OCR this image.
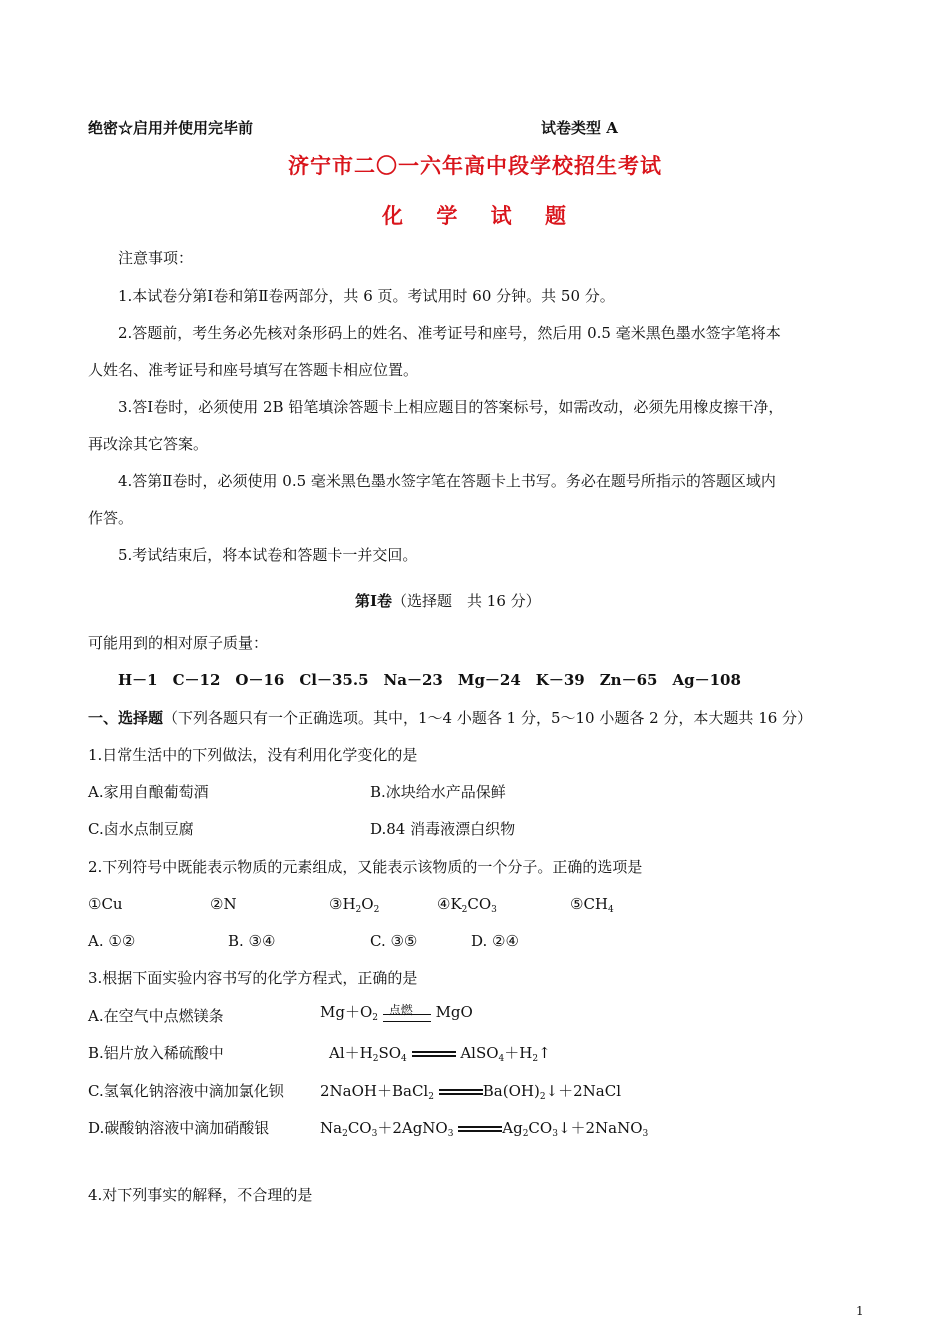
绝密☆启用并使用完毕前	试卷类型 A
济宁市二〇一六年高中段学校招生考试
化 学 试 题
注意事项：
1.本试卷分第Ⅰ卷和第Ⅱ卷两部分，共 6 页。考试用时 60 分钟。共 50 分。
2.答题前，考生务必先核对条形码上的姓名、准考证号和座号，然后用 0.5 毫米黑色墨水签字笔将本
人姓名、准考证号和座号填写在答题卡相应位置。
3.答Ⅰ卷时，必须使用 2B 铅笔填涂答题卡上相应题目的答案标号，如需改动，必须先用橡皮擦干净，
再改涂其它答案。
4.答第Ⅱ卷时，必须使用 0.5 毫米黑色墨水签字笔在答题卡上书写。务必在题号所指示的答题区域内
作答。
5.考试结束后，将本试卷和答题卡一并交回。
第Ⅰ卷（选择题　共 16 分）
可能用到的相对原子质量：
H－1　C－12　O－16　Cl－35.5　Na－23　Mg－24　K－39　Zn－65　Ag－108
一、选择题（下列各题只有一个正确选项。其中，1～4 小题各 1 分，5～10 小题各 2 分，本大题共 16 分）
1.日常生活中的下列做法，没有利用化学变化的是
A.家用自酿葡萄酒	B.冰块给水产品保鲜
C.卤水点制豆腐	D.84 消毒液漂白织物
2.下列符号中既能表示物质的元素组成，又能表示该物质的一个分子。正确的选项是
①Cu	②N	$③H_2O_2$	$④K_2CO_3$	$⑤CH_4$
A. ①②	B. ③④	C. ③⑤	D. ②④
3.根据下面实验内容书写的化学方程式，正确的是
A.在空气中点燃镁条	$Mg+O_2$
点燃 MgO
B.铝片放入稀硫酸中	$Al+H_2SO_4$	$AlSO_4+H_2↑$
C.氢氧化钠溶液中滴加氯化钡 2NaOH＋BaCl$_2$	$Ba(OH)_2↓+2NaCl$
D.碳酸钠溶液中滴加硝酸银	$Na_2CO_3+2AgNO_3$	$Ag_2CO_3↓+2NaNO_3$
4.对下列事实的解释，不合理的是
1
